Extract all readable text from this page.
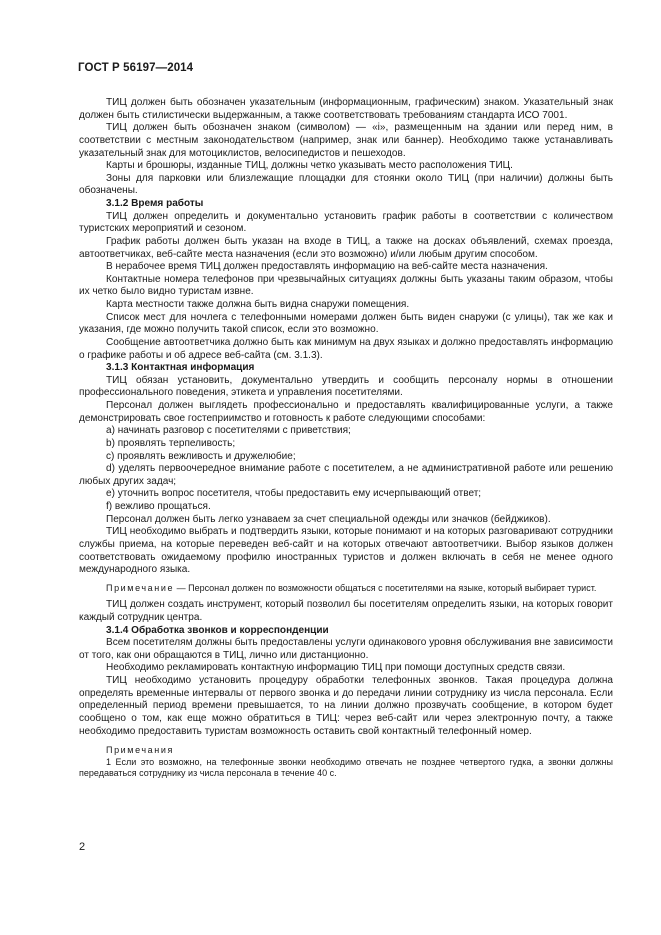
ГОСТ Р 56197—2014

ТИЦ должен быть обозначен указательным (информационным, графическим) знаком. Указательный знак должен быть стилистически выдержанным, а также соответствовать требованиям стандарта ИСО 7001.

ТИЦ должен быть обозначен знаком (символом) — «i», размещенным на здании или перед ним, в соответствии с местным законодательством (например, знак или баннер). Необходимо также устанавливать указательный знак для мотоциклистов, велосипедистов и пешеходов.

Карты и брошюры, изданные ТИЦ, должны четко указывать место расположения ТИЦ.

Зоны для парковки или близлежащие площадки для стоянки около ТИЦ (при наличии) должны быть обозначены.

3.1.2 Время работы

ТИЦ должен определить и документально установить график работы в соответствии с количеством туристских мероприятий и сезоном.

График работы должен быть указан на входе в ТИЦ, а также на досках объявлений, схемах проезда, автоответчиках, веб-сайте места назначения (если это возможно) и/или любым другим способом.

В нерабочее время ТИЦ должен предоставлять информацию на веб-сайте места назначения.

Контактные номера телефонов при чрезвычайных ситуациях должны быть указаны таким образом, чтобы их четко было видно туристам извне.

Карта местности также должна быть видна снаружи помещения.

Список мест для ночлега с телефонными номерами должен быть виден снаружи (с улицы), так же как и указания, где можно получить такой список, если это возможно.

Сообщение автоответчика должно быть как минимум на двух языках и должно предоставлять информацию о графике работы и об адресе веб-сайта (см. 3.1.3).

3.1.3 Контактная информация

ТИЦ обязан установить, документально утвердить и сообщить персоналу нормы в отношении профессионального поведения, этикета и управления посетителями.

Персонал должен выглядеть профессионально и предоставлять квалифицированные услуги, а также демонстрировать свое гостеприимство и готовность к работе следующими способами:

a) начинать разговор с посетителями с приветствия;

b) проявлять терпеливость;

c) проявлять вежливость и дружелюбие;

d) уделять первоочередное внимание работе с посетителем, а не административной работе или решению любых других задач;

e) уточнить вопрос посетителя, чтобы предоставить ему исчерпывающий ответ;

f) вежливо прощаться.

Персонал должен быть легко узнаваем за счет специальной одежды или значков (бейджиков).

ТИЦ необходимо выбрать и подтвердить языки, которые понимают и на которых разговаривают сотрудники службы приема, на которые переведен веб-сайт и на которых отвечают автоответчики. Выбор языков должен соответствовать ожидаемому профилю иностранных туристов и должен включать в себя не менее одного международного языка.

Примечание — Персонал должен по возможности общаться с посетителями на языке, который выбирает турист.

ТИЦ должен создать инструмент, который позволил бы посетителям определить языки, на которых говорит каждый сотрудник центра.

3.1.4 Обработка звонков и корреспонденции

Всем посетителям должны быть предоставлены услуги одинакового уровня обслуживания вне зависимости от того, как они обращаются в ТИЦ, лично или дистанционно.

Необходимо рекламировать контактную информацию ТИЦ при помощи доступных средств связи.

ТИЦ необходимо установить процедуру обработки телефонных звонков. Такая процедура должна определять временные интервалы от первого звонка и до передачи линии сотруднику из числа персонала. Если определенный период времени превышается, то на линии должно прозвучать сообщение, в котором будет сообщено о том, как еще можно обратиться в ТИЦ: через веб-сайт или через электронную почту, а также необходимо предоставить туристам возможность оставить свой контактный телефонный номер.

Примечания

1 Если это возможно, на телефонные звонки необходимо отвечать не позднее четвертого гудка, а звонки должны передаваться сотруднику из числа персонала в течение 40 с.

2
